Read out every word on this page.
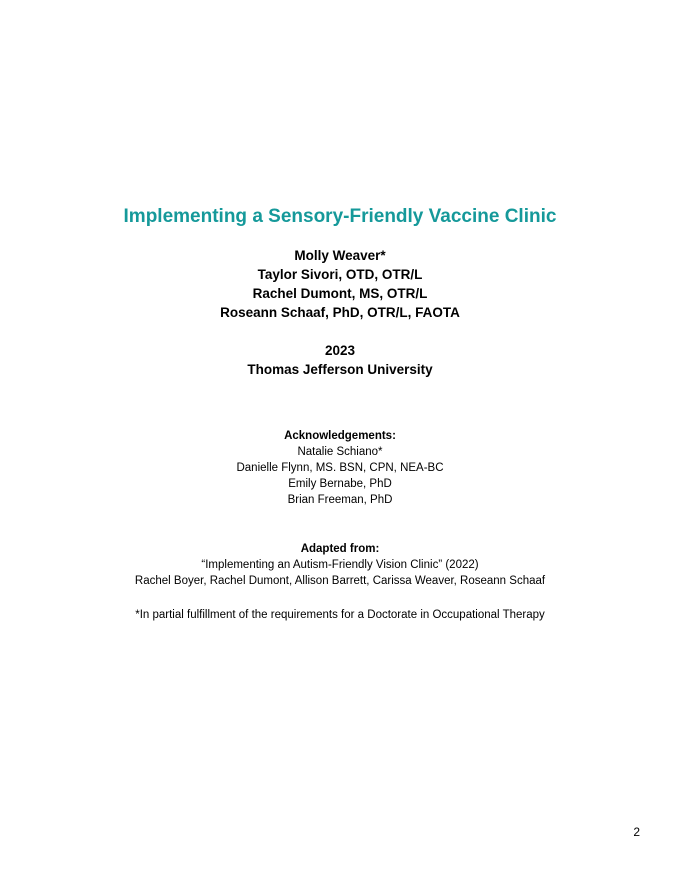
Implementing a Sensory-Friendly Vaccine Clinic
Molly Weaver*
Taylor Sivori, OTD, OTR/L
Rachel Dumont, MS, OTR/L
Roseann Schaaf, PhD, OTR/L, FAOTA
2023
Thomas Jefferson University
Acknowledgements:
Natalie Schiano*
Danielle Flynn, MS. BSN, CPN, NEA-BC
Emily Bernabe, PhD
Brian Freeman, PhD
Adapted from:
“Implementing an Autism-Friendly Vision Clinic” (2022)
Rachel Boyer, Rachel Dumont, Allison Barrett, Carissa Weaver, Roseann Schaaf
*In partial fulfillment of the requirements for a Doctorate in Occupational Therapy
2
